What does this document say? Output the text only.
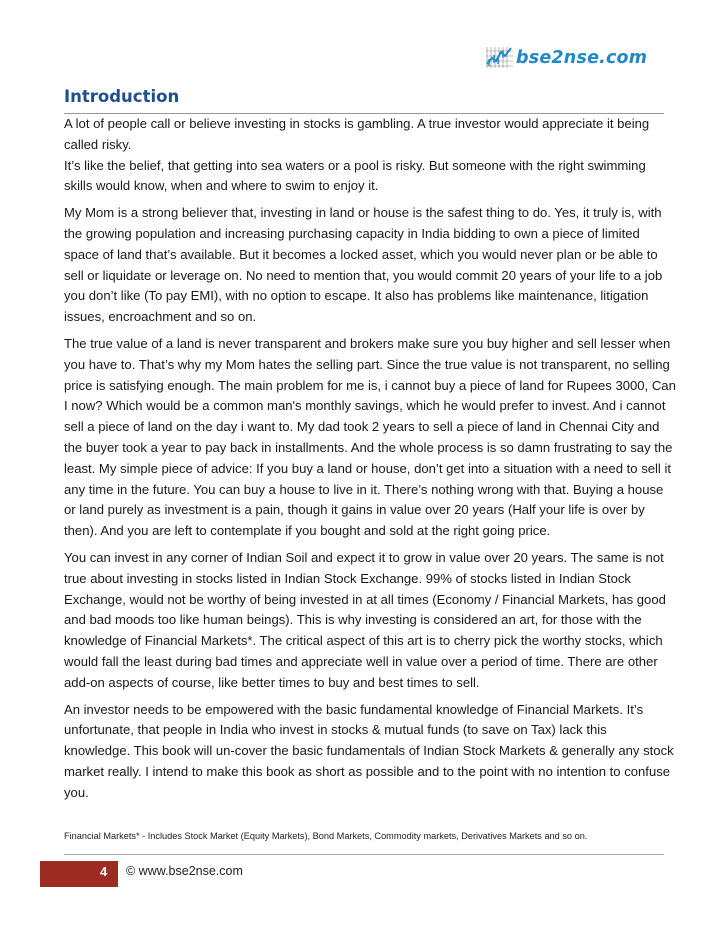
bse2nse.com
Introduction

A lot of people call or believe investing in stocks is gambling. A true investor would appreciate it being called risky.

It’s like the belief, that getting into sea waters or a pool is risky. But someone with the right swimming skills would know, when and where to swim to enjoy it.

My Mom is a strong believer that, investing in land or house is the safest thing to do. Yes, it truly is, with the growing population and increasing purchasing capacity in India bidding to own a piece of limited space of land that’s available. But it becomes a locked asset, which you would never plan or be able to sell or liquidate or leverage on. No need to mention that, you would commit 20 years of your life to a job you don’t like (To pay EMI), with no option to escape. It also has problems like maintenance, litigation issues, encroachment and so on.

The true value of a land is never transparent and brokers make sure you buy higher and sell lesser when you have to. That’s why my Mom hates the selling part. Since the true value is not transparent, no selling price is satisfying enough. The main problem for me is, i cannot buy a piece of land for Rupees 3000, Can I now? Which would be a common man's monthly savings, which he would prefer to invest. And i cannot sell a piece of land on the day i want to. My dad took 2 years to sell a piece of land in Chennai City and the buyer took a year to pay back in installments. And the whole process is so damn frustrating to say the least. My simple piece of advice: If you buy a land or house, don’t get into a situation with a need to sell it any time in the future. You can buy a house to live in it. There’s nothing wrong with that. Buying a house or land purely as investment is a pain, though it gains in value over 20 years (Half your life is over by then). And you are left to contemplate if you bought and sold at the right going price.

You can invest in any corner of Indian Soil and expect it to grow in value over 20 years. The same is not true about investing in stocks listed in Indian Stock Exchange. 99% of stocks listed in Indian Stock Exchange, would not be worthy of being invested in at all times (Economy / Financial Markets, has good and bad moods too like human beings). This is why investing is considered an art, for those with the knowledge of Financial Markets*. The critical aspect of this art is to cherry pick the worthy stocks, which would fall the least during bad times and appreciate well in value over a period of time. There are other add-on aspects of course, like better times to buy and best times to sell.

An investor needs to be empowered with the basic fundamental knowledge of Financial Markets. It’s unfortunate, that people in India who invest in stocks & mutual funds (to save on Tax) lack this knowledge. This book will un-cover the basic fundamentals of Indian Stock Markets & generally any stock market really. I intend to make this book as short as possible and to the point with no intention to confuse you.

Financial Markets* - Includes Stock Market (Equity Markets), Bond Markets, Commodity markets, Derivatives Markets and so on.
4 © www.bse2nse.com
